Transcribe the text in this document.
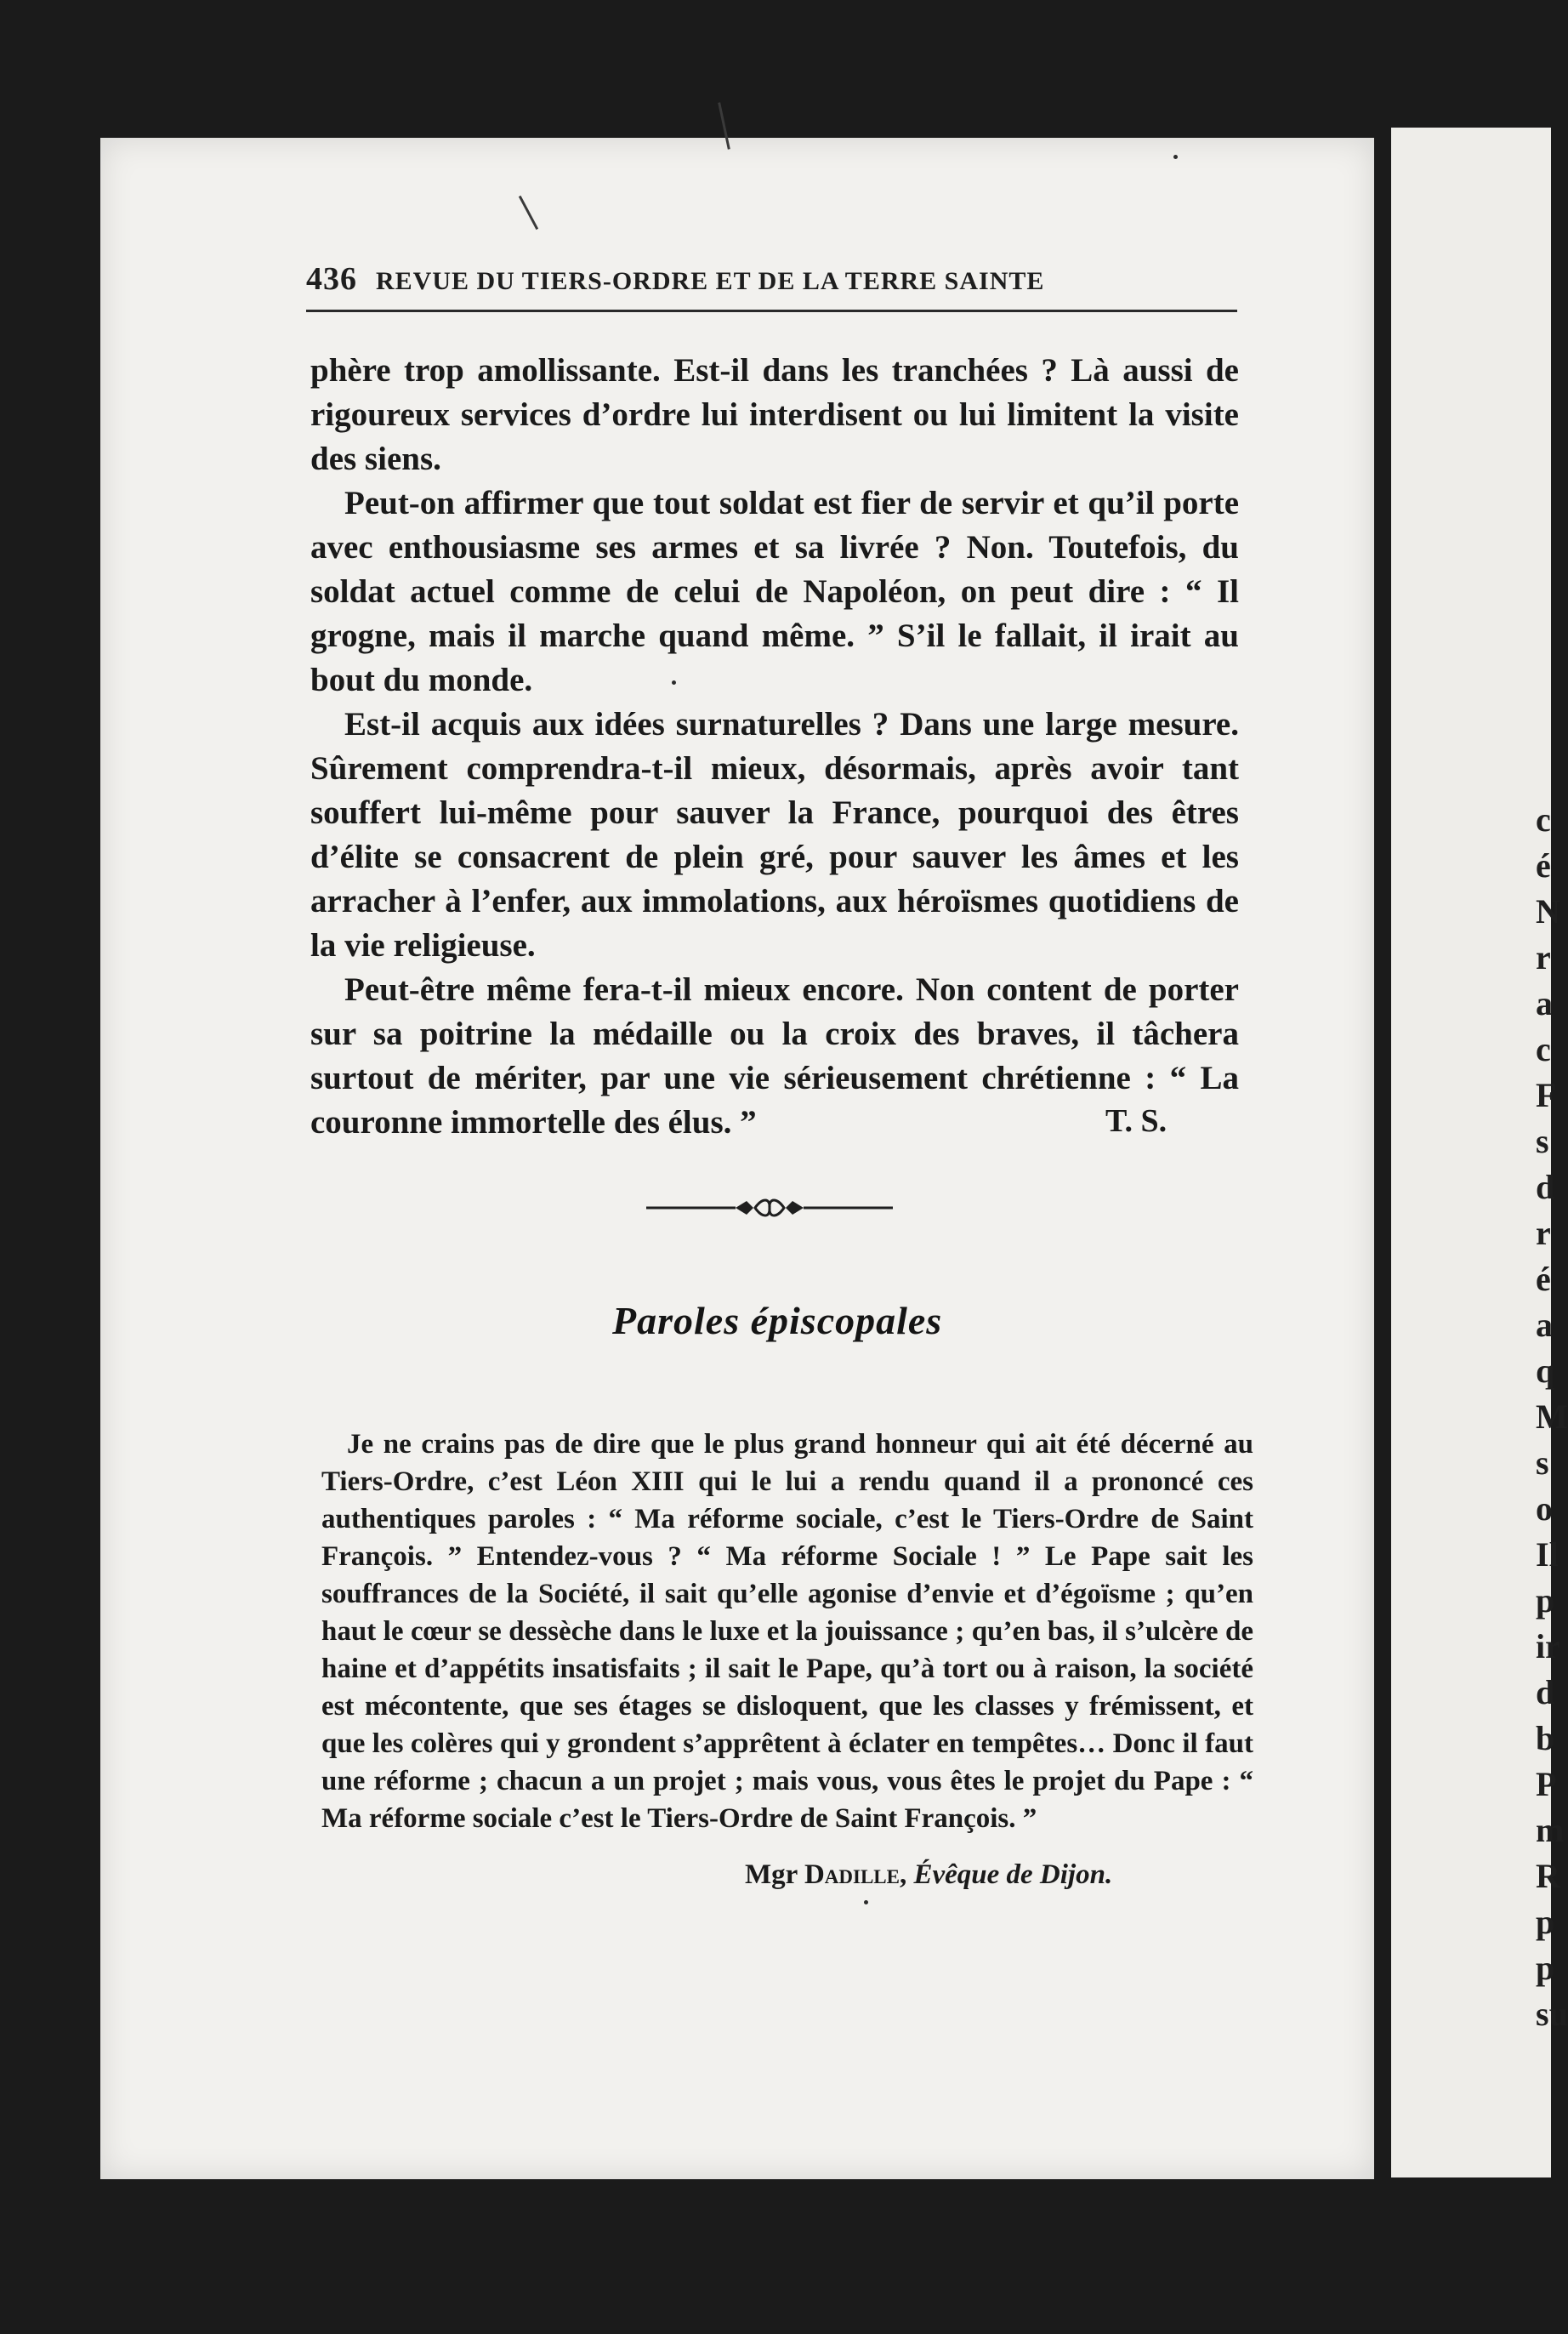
c
é
N
r
a
c
F
s
d
r
é
a
q
M
s
o
Il
p
ir
d
b
P
m
R
p
p
su
436 REVUE DU TIERS-ORDRE ET DE LA TERRE SAINTE

phère trop amollissante. Est-il dans les tranchées ? Là aussi de rigoureux services d’ordre lui interdisent ou lui limitent la visite des siens.

Peut-on affirmer que tout soldat est fier de servir et qu’il porte avec enthousiasme ses armes et sa livrée ? Non. Toutefois, du soldat actuel comme de celui de Napoléon, on peut dire : “ Il grogne, mais il marche quand même. ” S’il le fallait, il irait au bout du monde.

Est-il acquis aux idées surnaturelles ? Dans une large mesure. Sûrement comprendra-t-il mieux, désormais, après avoir tant souffert lui-même pour sauver la France, pourquoi des êtres d’élite se consacrent de plein gré, pour sauver les âmes et les arracher à l’enfer, aux immolations, aux héroïsmes quotidiens de la vie religieuse.

Peut-être même fera-t-il mieux encore. Non content de porter sur sa poitrine la médaille ou la croix des braves, il tâchera surtout de mériter, par une vie sérieusement chrétienne : “ La couronne immortelle des élus. ”	T. S.
Paroles épiscopales
Je ne crains pas de dire que le plus grand honneur qui ait été décerné au Tiers-Ordre, c’est Léon XIII qui le lui a rendu quand il a prononcé ces authentiques paroles : “ Ma réforme sociale, c’est le Tiers-Ordre de Saint François. ” Entendez-vous ? “ Ma réforme Sociale ! ” Le Pape sait les souffrances de la Société, il sait qu’elle agonise d’envie et d’égoïsme ; qu’en haut le cœur se dessèche dans le luxe et la jouissance ; qu’en bas, il s’ulcère de haine et d’appétits insatisfaits ; il sait le Pape, qu’à tort ou à raison, la société est mécontente, que ses étages se disloquent, que les classes y frémissent, et que les colères qui y grondent s’apprêtent à éclater en tempêtes… Donc il faut une réforme ; chacun a un projet ; mais vous, vous êtes le projet du Pape : “ Ma réforme sociale c’est le Tiers-Ordre de Saint François. ”
Mgr Dadille, Évêque de Dijon.
